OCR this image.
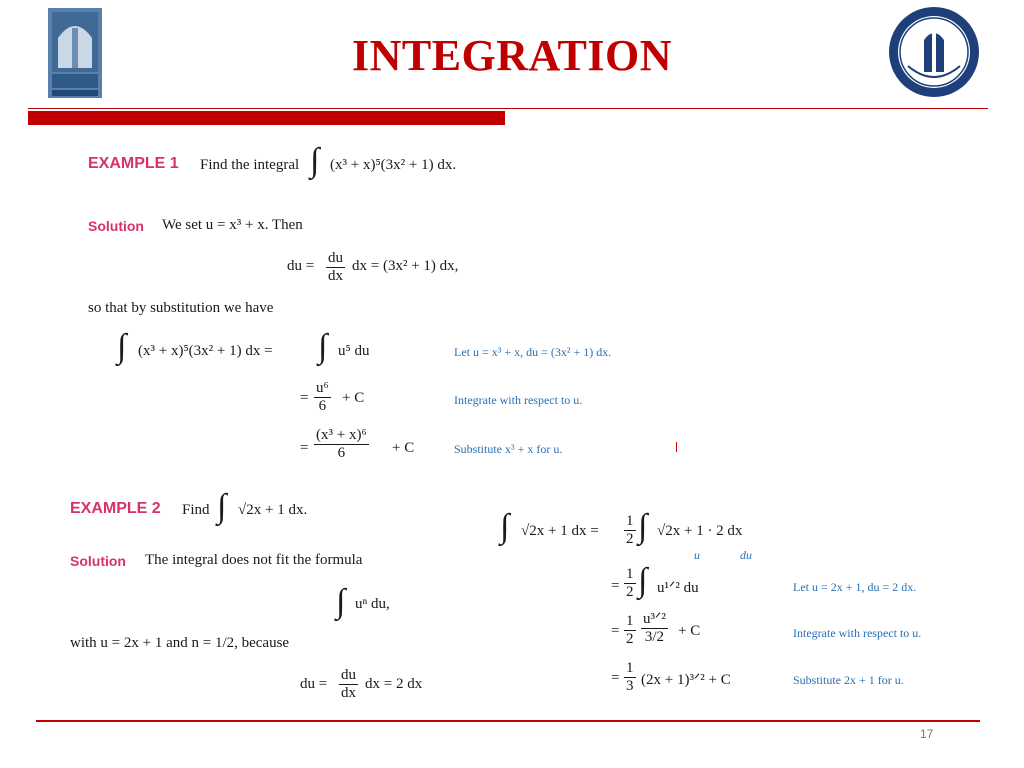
INTEGRATION
EXAMPLE 1 Find the integral ∫ (x³ + x)⁵(3x² + 1) dx.
Solution We set u = x³ + x. Then
du = $\frac{du}{dx}$ dx = (3x² + 1) dx,
so that by substitution we have
∫ (x³ + x)⁵(3x² + 1) dx = ∫ u⁵ du	Let u = x³ + x, du = (3x² + 1) dx.
= $\frac{\text{u⁶}}{6} + C$	Integrate with respect to u.
= $\frac{\text{(x³ + x)⁶}}{6} + C$	Substitute x³ + x for u.
EXAMPLE 2 Find ∫ √2x + 1 dx.
Solution The integral does not fit the formula
∫ uⁿ du,
with u = 2x + 1 and n = 1/2, because
du = $\frac{du}{dx}$ dx = 2 dx
∫ √2x + 1 dx = $\frac{1}{2}$ ∫ √2x + 1 · 2 dx
u	du
= $\frac{1}{2}$ ∫ u¹ᐟ² du	Let u = 2x + 1, du = 2 dx.
= $\frac{1}{2}$ u³ᐟ²
3/2 + C	Integrate with respect to u.
= $\frac{1}{3} (2x$ + 1)³ᐟ² + C	Substitute 2x + 1 for u.
17
